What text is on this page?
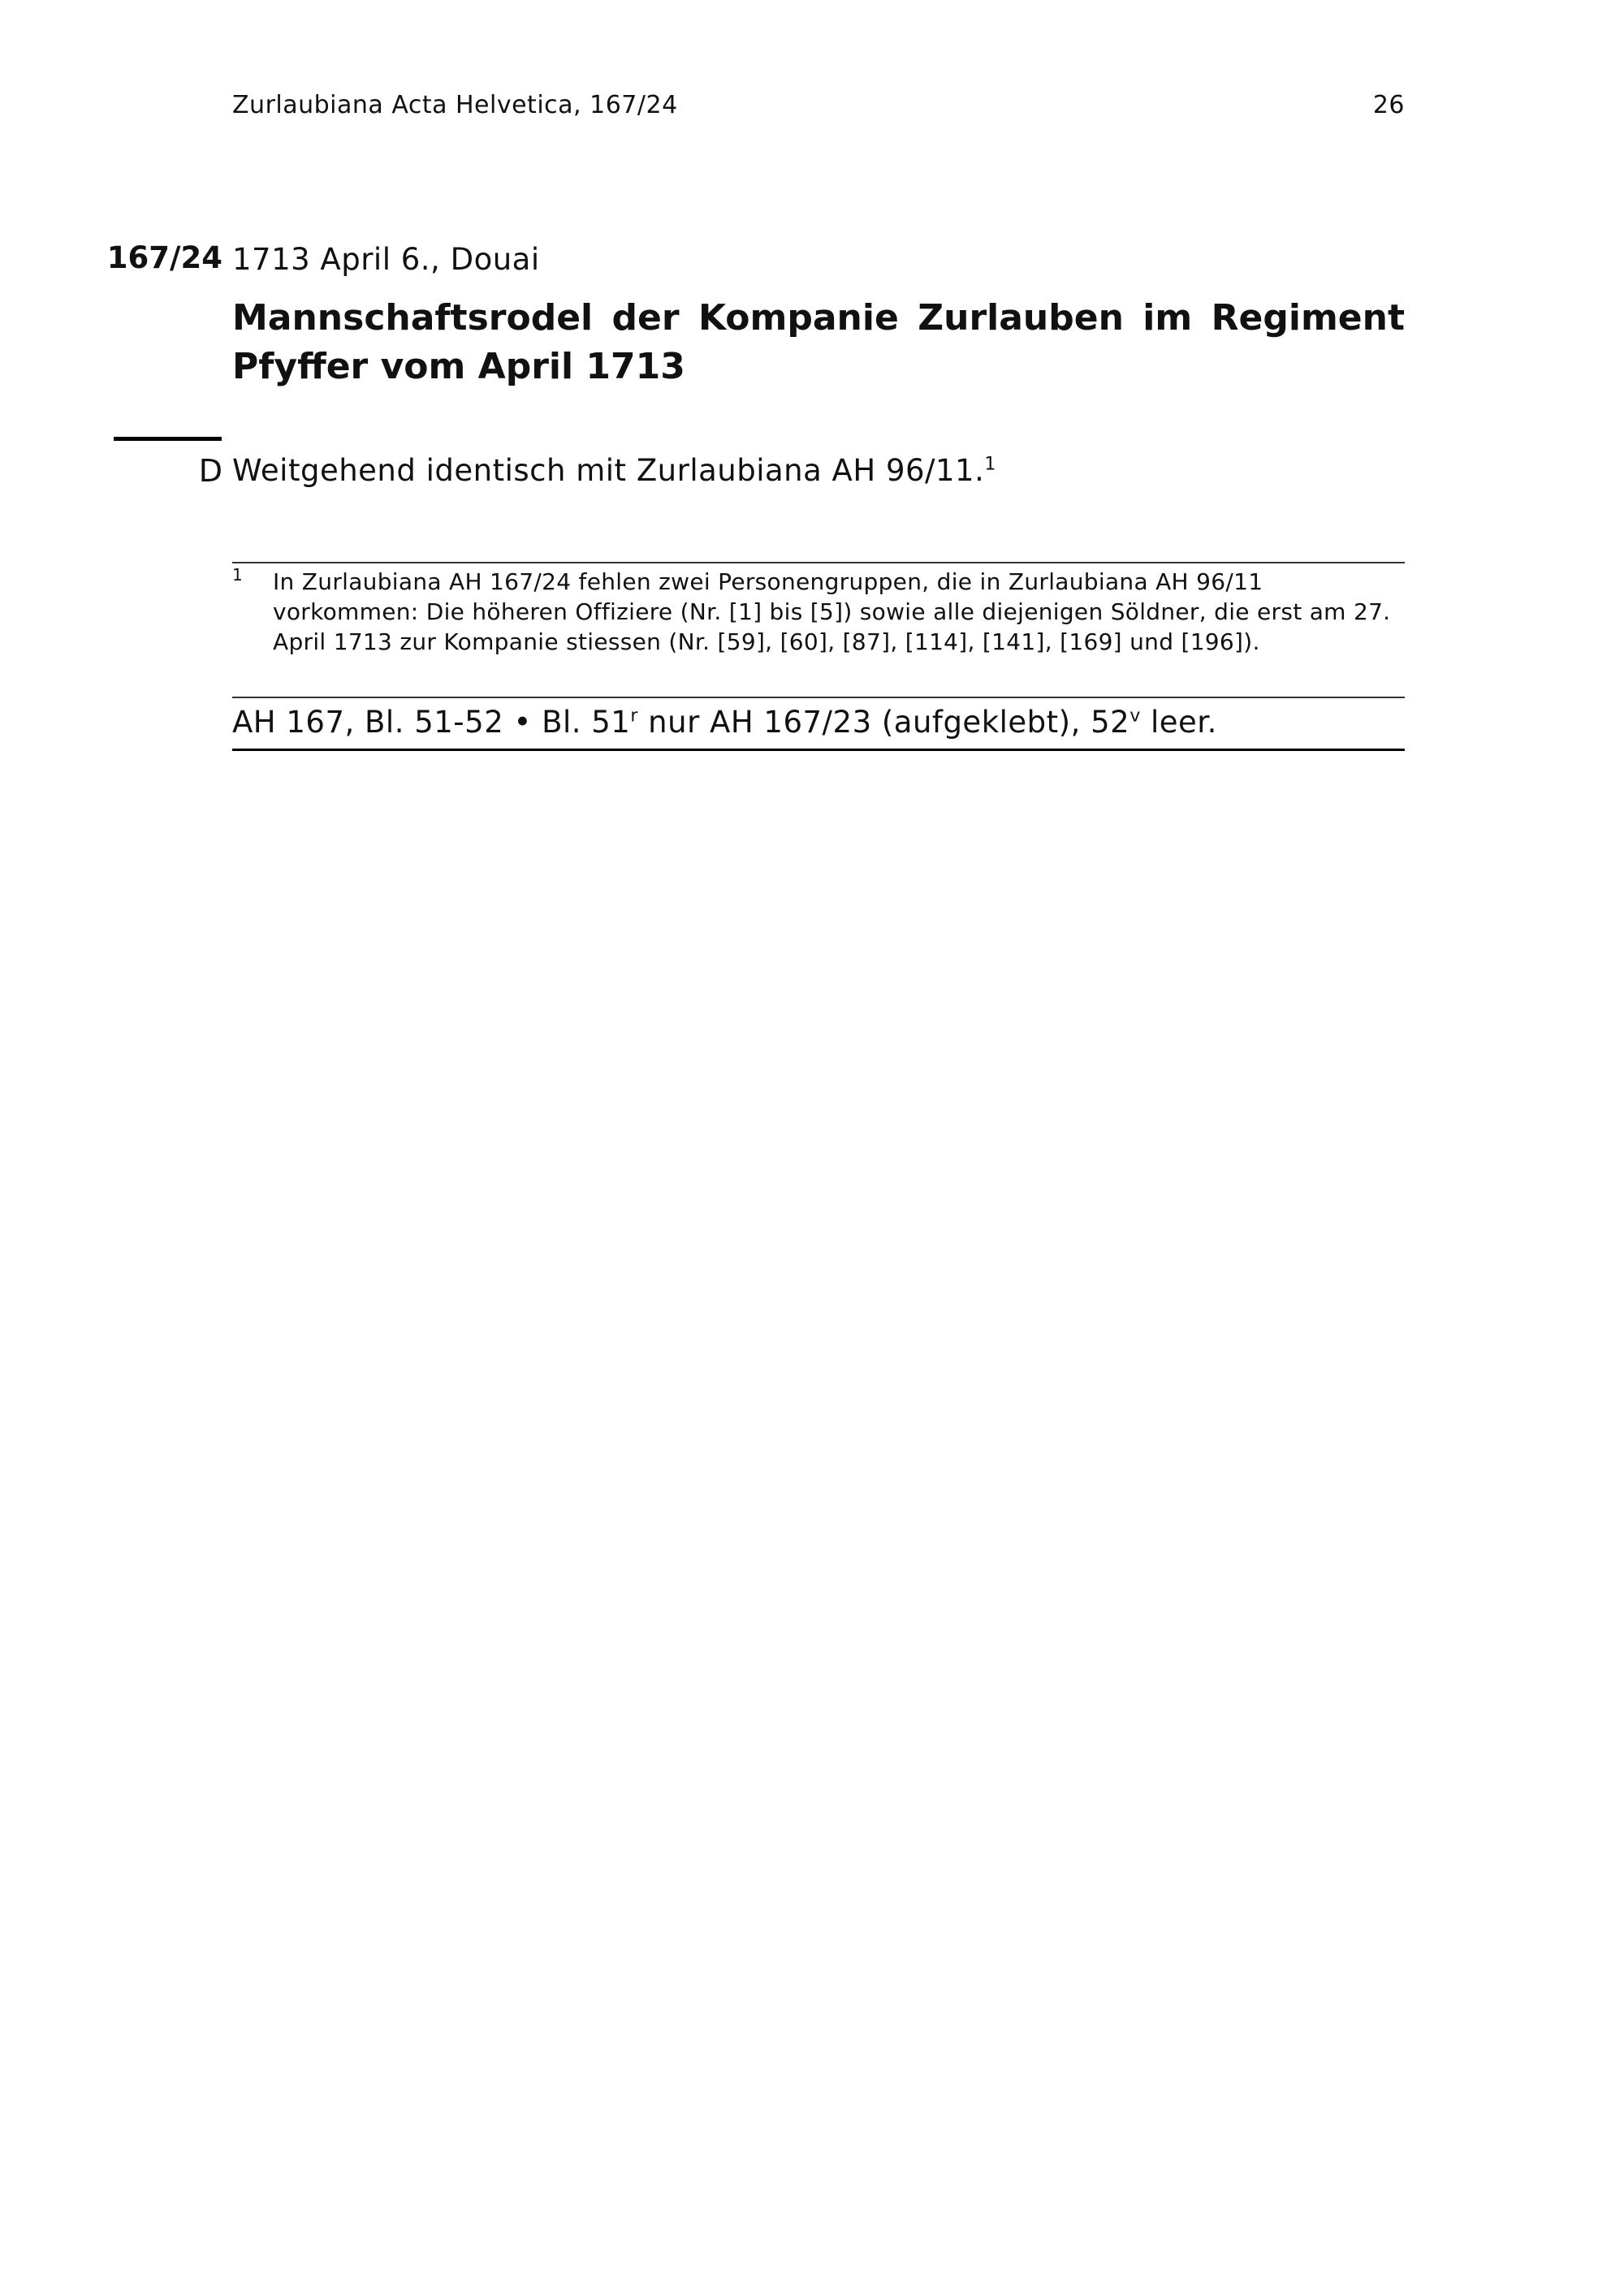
Zurlaubiana Acta Helvetica, 167/24	26
167/24 1713 April 6., Douai
Mannschaftsrodel der Kompanie Zurlauben im Regiment Pfyffer vom April 1713
D Weitgehend identisch mit Zurlaubiana AH 96/11.$^1$
1 In Zurlaubiana AH 167/24 fehlen zwei Personengruppen, die in Zurlaubiana AH 96/11 vorkommen: Die höheren Offiziere (Nr. [1] bis [5]) sowie alle diejenigen Söldner, die erst am 27. April 1713 zur Kompanie stiessen (Nr. [59], [60], [87], [114], [141], [169] und [196]).
AH 167, Bl. 51-52 • Bl. 51$^r$ nur AH 167/23 (aufgeklebt), 52$^v$ leer.
